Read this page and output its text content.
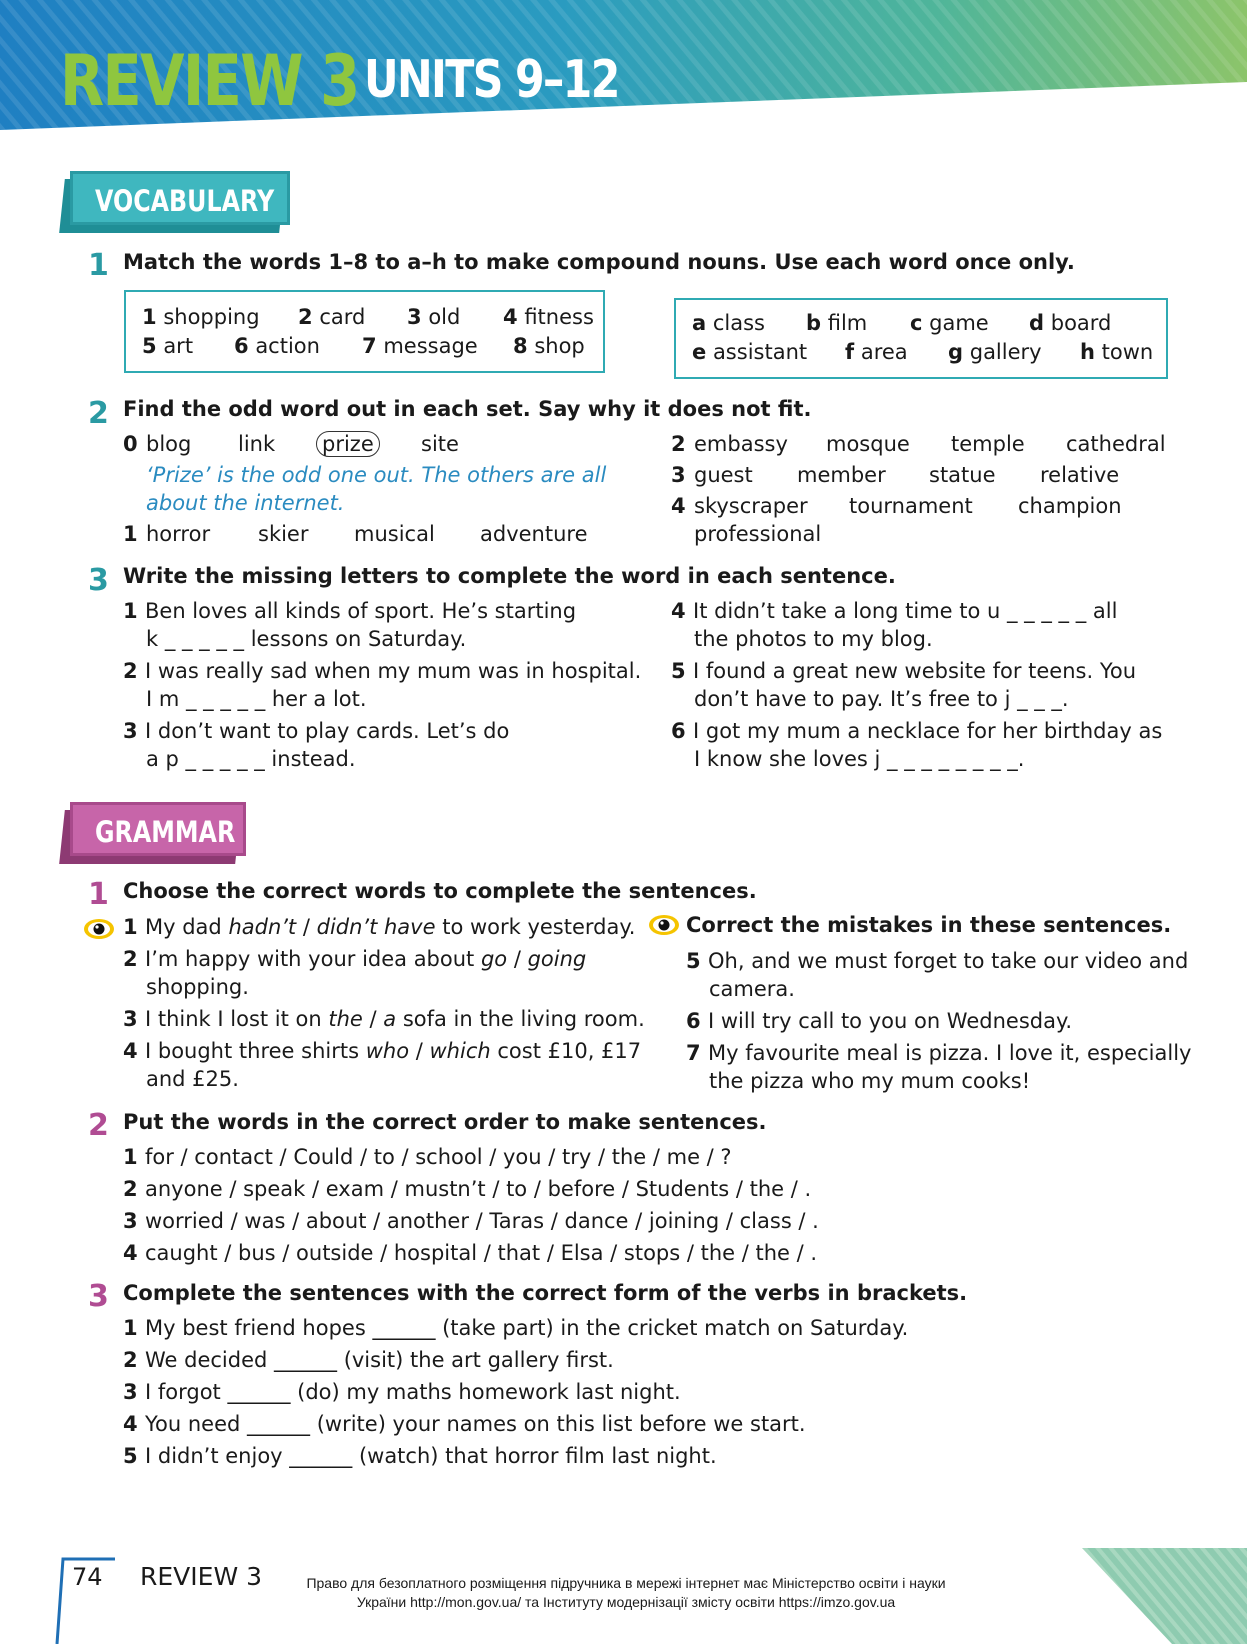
REVIEW 3 UNITS 9–12
VOCABULARY
1 Match the words 1–8 to a–h to make compound nouns. Use each word once only.
1 shopping 2 card 3 old 4 fitness
5 art 6 action 7 message 8 shop
a class b film c game d board
e assistant f area g gallery h town
2 Find the odd word out in each set. Say why it does not fit.
0 blog link prize site
‘Prize’ is the odd one out. The others are all
about the internet.
1 horror skier musical adventure
2 embassy mosque temple cathedral
3 guest member statue relative
4 skyscraper tournament champion
professional
3 Write the missing letters to complete the word in each sentence.
1 Ben loves all kinds of sport. He’s starting
k _ _ _ _ _ lessons on Saturday.
2 I was really sad when my mum was in hospital.
I m _ _ _ _ _ her a lot.
3 I don’t want to play cards. Let’s do
a p _ _ _ _ _ instead.
4 It didn’t take a long time to u _ _ _ _ _ all
the photos to my blog.
5 I found a great new website for teens. You
don’t have to pay. It’s free to j _ _ _.
6 I got my mum a necklace for her birthday as
I know she loves j _ _ _ _ _ _ _ _.
GRAMMAR
1 Choose the correct words to complete the sentences.
1 My dad hadn’t / didn’t have to work yesterday.
2 I’m happy with your idea about go / going
shopping.
3 I think I lost it on the / a sofa in the living room.
4 I bought three shirts who / which cost £10, £17
and £25.
Correct the mistakes in these sentences.
5 Oh, and we must forget to take our video and
camera.
6 I will try call to you on Wednesday.
7 My favourite meal is pizza. I love it, especially
the pizza who my mum cooks!
2 Put the words in the correct order to make sentences.
1 for / contact / Could / to / school / you / try / the / me / ?
2 anyone / speak / exam / mustn’t / to / before / Students / the / .
3 worried / was / about / another / Taras / dance / joining / class / .
4 caught / bus / outside / hospital / that / Elsa / stops / the / the / .
3 Complete the sentences with the correct form of the verbs in brackets.
1 My best friend hopes ______ (take part) in the cricket match on Saturday.
2 We decided ______ (visit) the art gallery first.
3 I forgot ______ (do) my maths homework last night.
4 You need ______ (write) your names on this list before we start.
5 I didn’t enjoy ______ (watch) that horror film last night.
74 REVIEW 3	Право для безоплатного розміщення підручника в мережі інтернет має Міністерство освіти і науки
України http://mon.gov.ua/ та Інституту модернізації змісту освіти https://imzo.gov.ua
